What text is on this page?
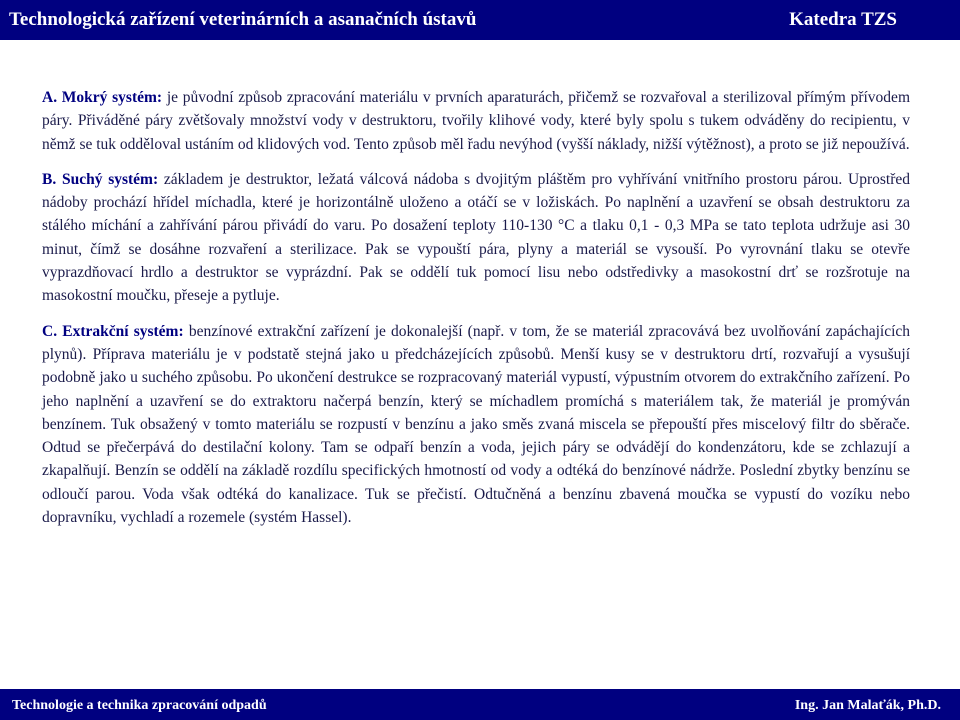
Technologická zařízení veterinárních a asanačních ústavů	Katedra TZS

A. Mokrý systém: je původní způsob zpracování materiálu v prvních aparaturách, přičemž se rozvařoval a sterilizoval přímým přívodem páry. Přiváděné páry zvětšovaly množství vody v destruktoru, tvořily klihové vody, které byly spolu s tukem odváděny do recipientu, v němž se tuk odděloval ustáním od klidových vod. Tento způsob měl řadu nevýhod (vyšší náklady, nižší výtěžnost), a proto se již nepoužívá.

B. Suchý systém: základem je destruktor, ležatá válcová nádoba s dvojitým pláštěm pro vyhřívání vnitřního prostoru párou. Uprostřed nádoby prochází hřídel míchadla, které je horizontálně uloženo a otáčí se v ložiskách. Po naplnění a uzavření se obsah destruktoru za stálého míchání a zahřívání párou přivádí do varu. Po dosažení teploty 110-130 °C a tlaku 0,1 - 0,3 MPa se tato teplota udržuje asi 30 minut, čímž se dosáhne rozvaření a sterilizace. Pak se vypouští pára, plyny a materiál se vysouší. Po vyrovnání tlaku se otevře vyprazdňovací hrdlo a destruktor se vyprázdní. Pak se oddělí tuk pomocí lisu nebo odstředivky a masokostní drť se rozšrotuje na masokostní moučku, přeseje a pytluje.

C. Extrakční systém: benzínové extrakční zařízení je dokonalejší (např. v tom, že se materiál zpracovává bez uvolňování zapáchajících plynů). Příprava materiálu je v podstatě stejná jako u předcházejících způsobů. Menší kusy se v destruktoru drtí, rozvařují a vysušují podobně jako u suchého způsobu. Po ukončení destrukce se rozpracovaný materiál vypustí, výpustním otvorem do extrakčního zařízení. Po jeho naplnění a uzavření se do extraktoru načerpá benzín, který se míchadlem promíchá s materiálem tak, že materiál je promýván benzínem. Tuk obsažený v tomto materiálu se rozpustí v benzínu a jako směs zvaná miscela se přepouští přes miscelový filtr do sběrače. Odtud se přečerpává do destilační kolony. Tam se odpaří benzín a voda, jejich páry se odvádějí do kondenzátoru, kde se zchlazují a zkapalňují. Benzín se oddělí na základě rozdílu specifických hmotností od vody a odtéká do benzínové nádrže. Poslední zbytky benzínu se odloučí parou. Voda však odtéká do kanalizace. Tuk se přečistí. Odtučněná a benzínu zbavená moučka se vypustí do vozíku nebo dopravníku, vychladí a rozemele (systém Hassel).

Technologie a technika zpracování odpadů	Ing. Jan Malaťák, Ph.D.
